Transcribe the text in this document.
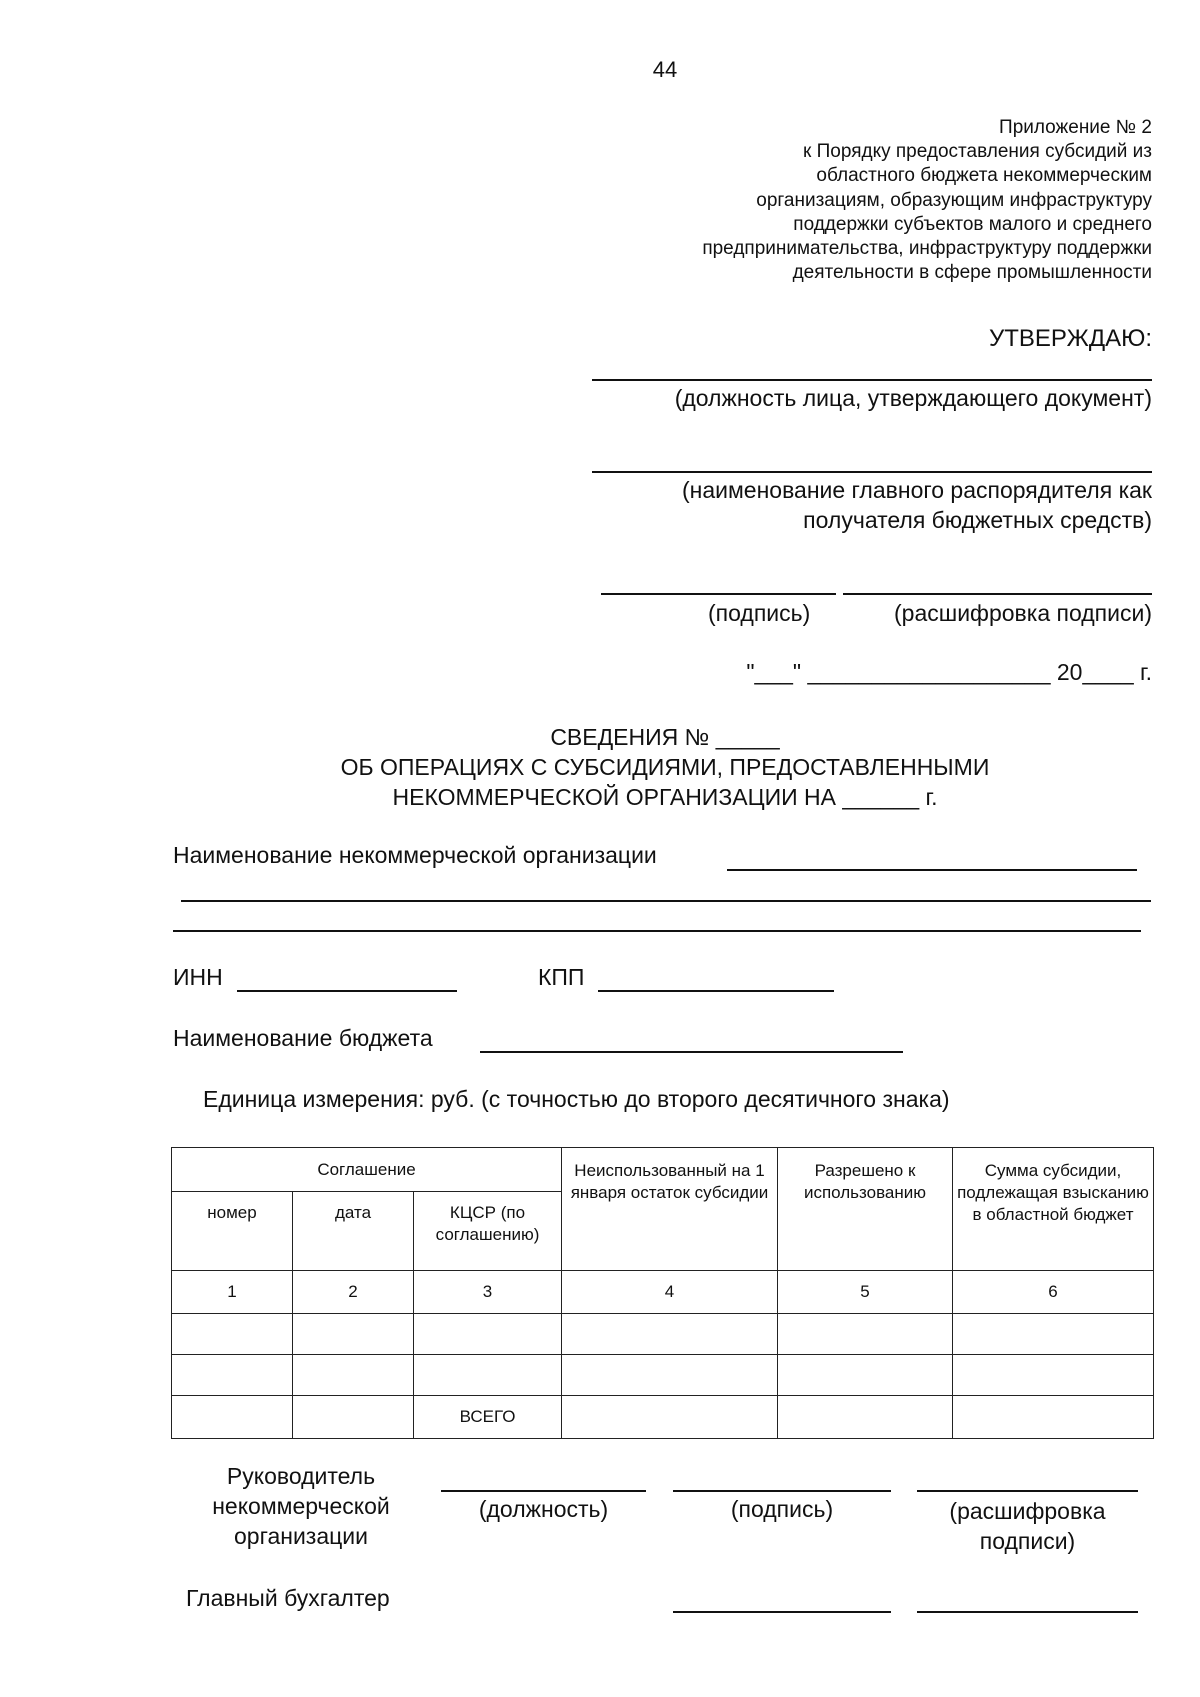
44
Приложение № 2
к Порядку предоставления субсидий из
областного бюджета некоммерческим
организациям, образующим инфраструктуру
поддержки субъектов малого и среднего
предпринимательства, инфраструктуру поддержки
деятельности в сфере промышленности
УТВЕРЖДАЮ:
(должность лица, утверждающего документ)
(наименование главного распорядителя как
получателя бюджетных средств)
(подпись)	(расшифровка подписи)
"___" ___________________ 20____ г.
СВЕДЕНИЯ № _____
ОБ ОПЕРАЦИЯХ С СУБСИДИЯМИ, ПРЕДОСТАВЛЕННЫМИ
НЕКОММЕРЧЕСКОЙ ОРГАНИЗАЦИИ НА ______ г.
Наименование некоммерческой организации
ИНН	КПП
Наименование бюджета
Единица измерения: руб. (с точностью до второго десятичного знака)
Соглашение			Неиспользованный на 1 января остаток субсидии	Разрешено к использованию	Сумма субсидии, подлежащая взысканию в областной бюджет
номер	дата	КЦСР (по соглашению)			
1	2	3	4	5	6

		ВСЕГО			
Руководитель
некоммерческой
организации
(должность)	(подпись)	(расшифровка
подписи)
Главный бухгалтер
